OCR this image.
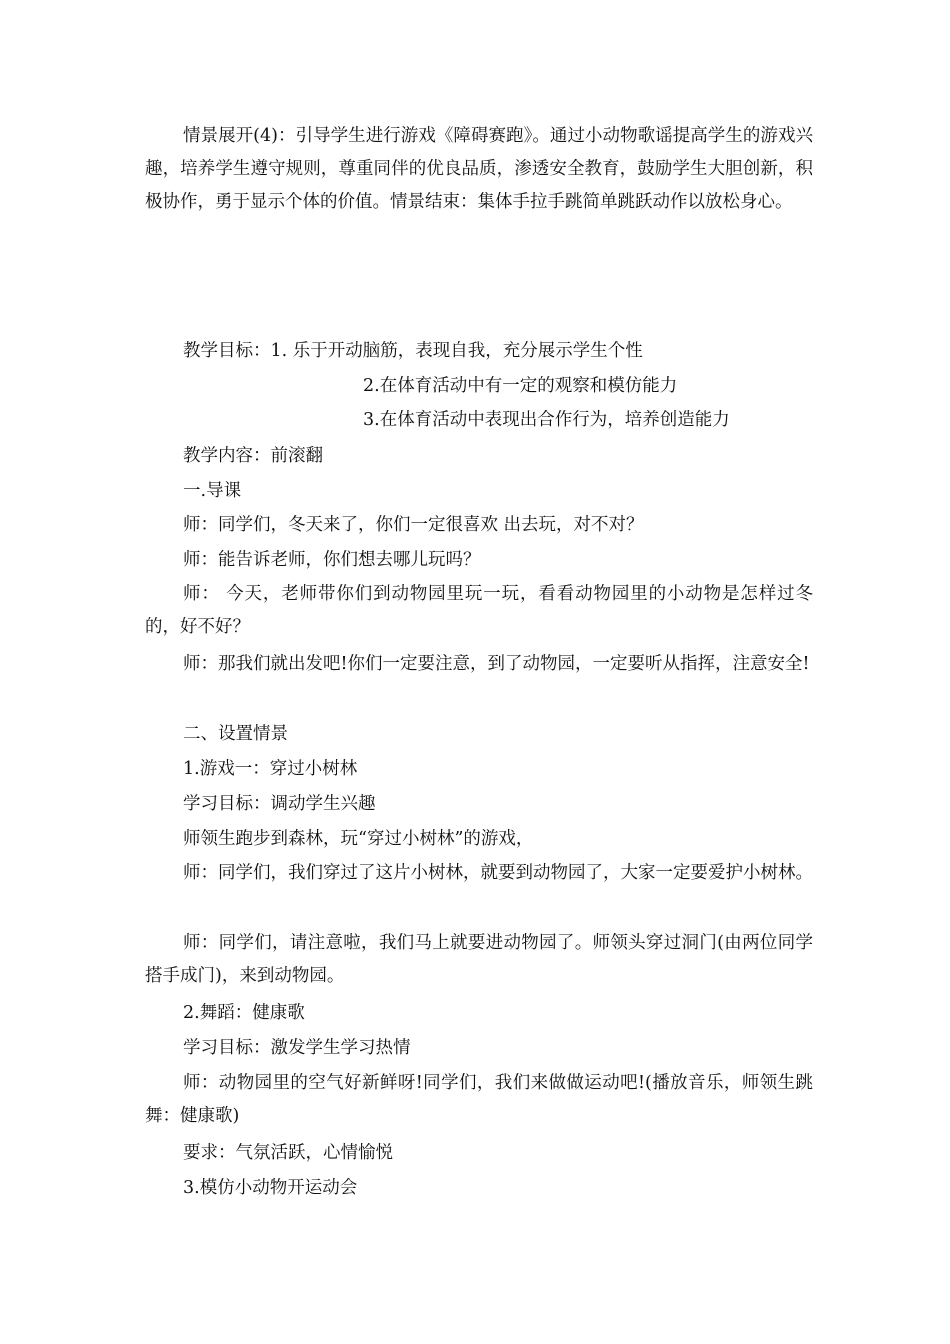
情景展开(4)：引导学生进行游戏《障碍赛跑》。通过小动物歌谣提高学生的游戏兴趣，培养学生遵守规则，尊重同伴的优良品质，渗透安全教育，鼓励学生大胆创新，积极协作，勇于显示个体的价值。情景结束：集体手拉手跳简单跳跃动作以放松身心。

教学目标：1. 乐于开动脑筋，表现自我，充分展示学生个性

2.在体育活动中有一定的观察和模仿能力

3.在体育活动中表现出合作行为，培养创造能力

教学内容：前滚翻

一.导课

师：同学们，冬天来了，你们一定很喜欢 出去玩，对不对？

师：能告诉老师，你们想去哪儿玩吗？

师： 今天，老师带你们到动物园里玩一玩，看看动物园里的小动物是怎样过冬的，好不好？

师：那我们就出发吧!你们一定要注意，到了动物园，一定要听从指挥，注意安全!

二、设置情景

1.游戏一：穿过小树林

学习目标：调动学生兴趣

师领生跑步到森林，玩“穿过小树林”的游戏，

师：同学们，我们穿过了这片小树林，就要到动物园了，大家一定要爱护小树林。

师：同学们，请注意啦，我们马上就要进动物园了。师领头穿过洞门(由两位同学搭手成门)，来到动物园。

2.舞蹈：健康歌

学习目标：激发学生学习热情

师：动物园里的空气好新鲜呀!同学们，我们来做做运动吧!(播放音乐，师领生跳舞：健康歌)

要求：气氛活跃，心情愉悦

3.模仿小动物开运动会
